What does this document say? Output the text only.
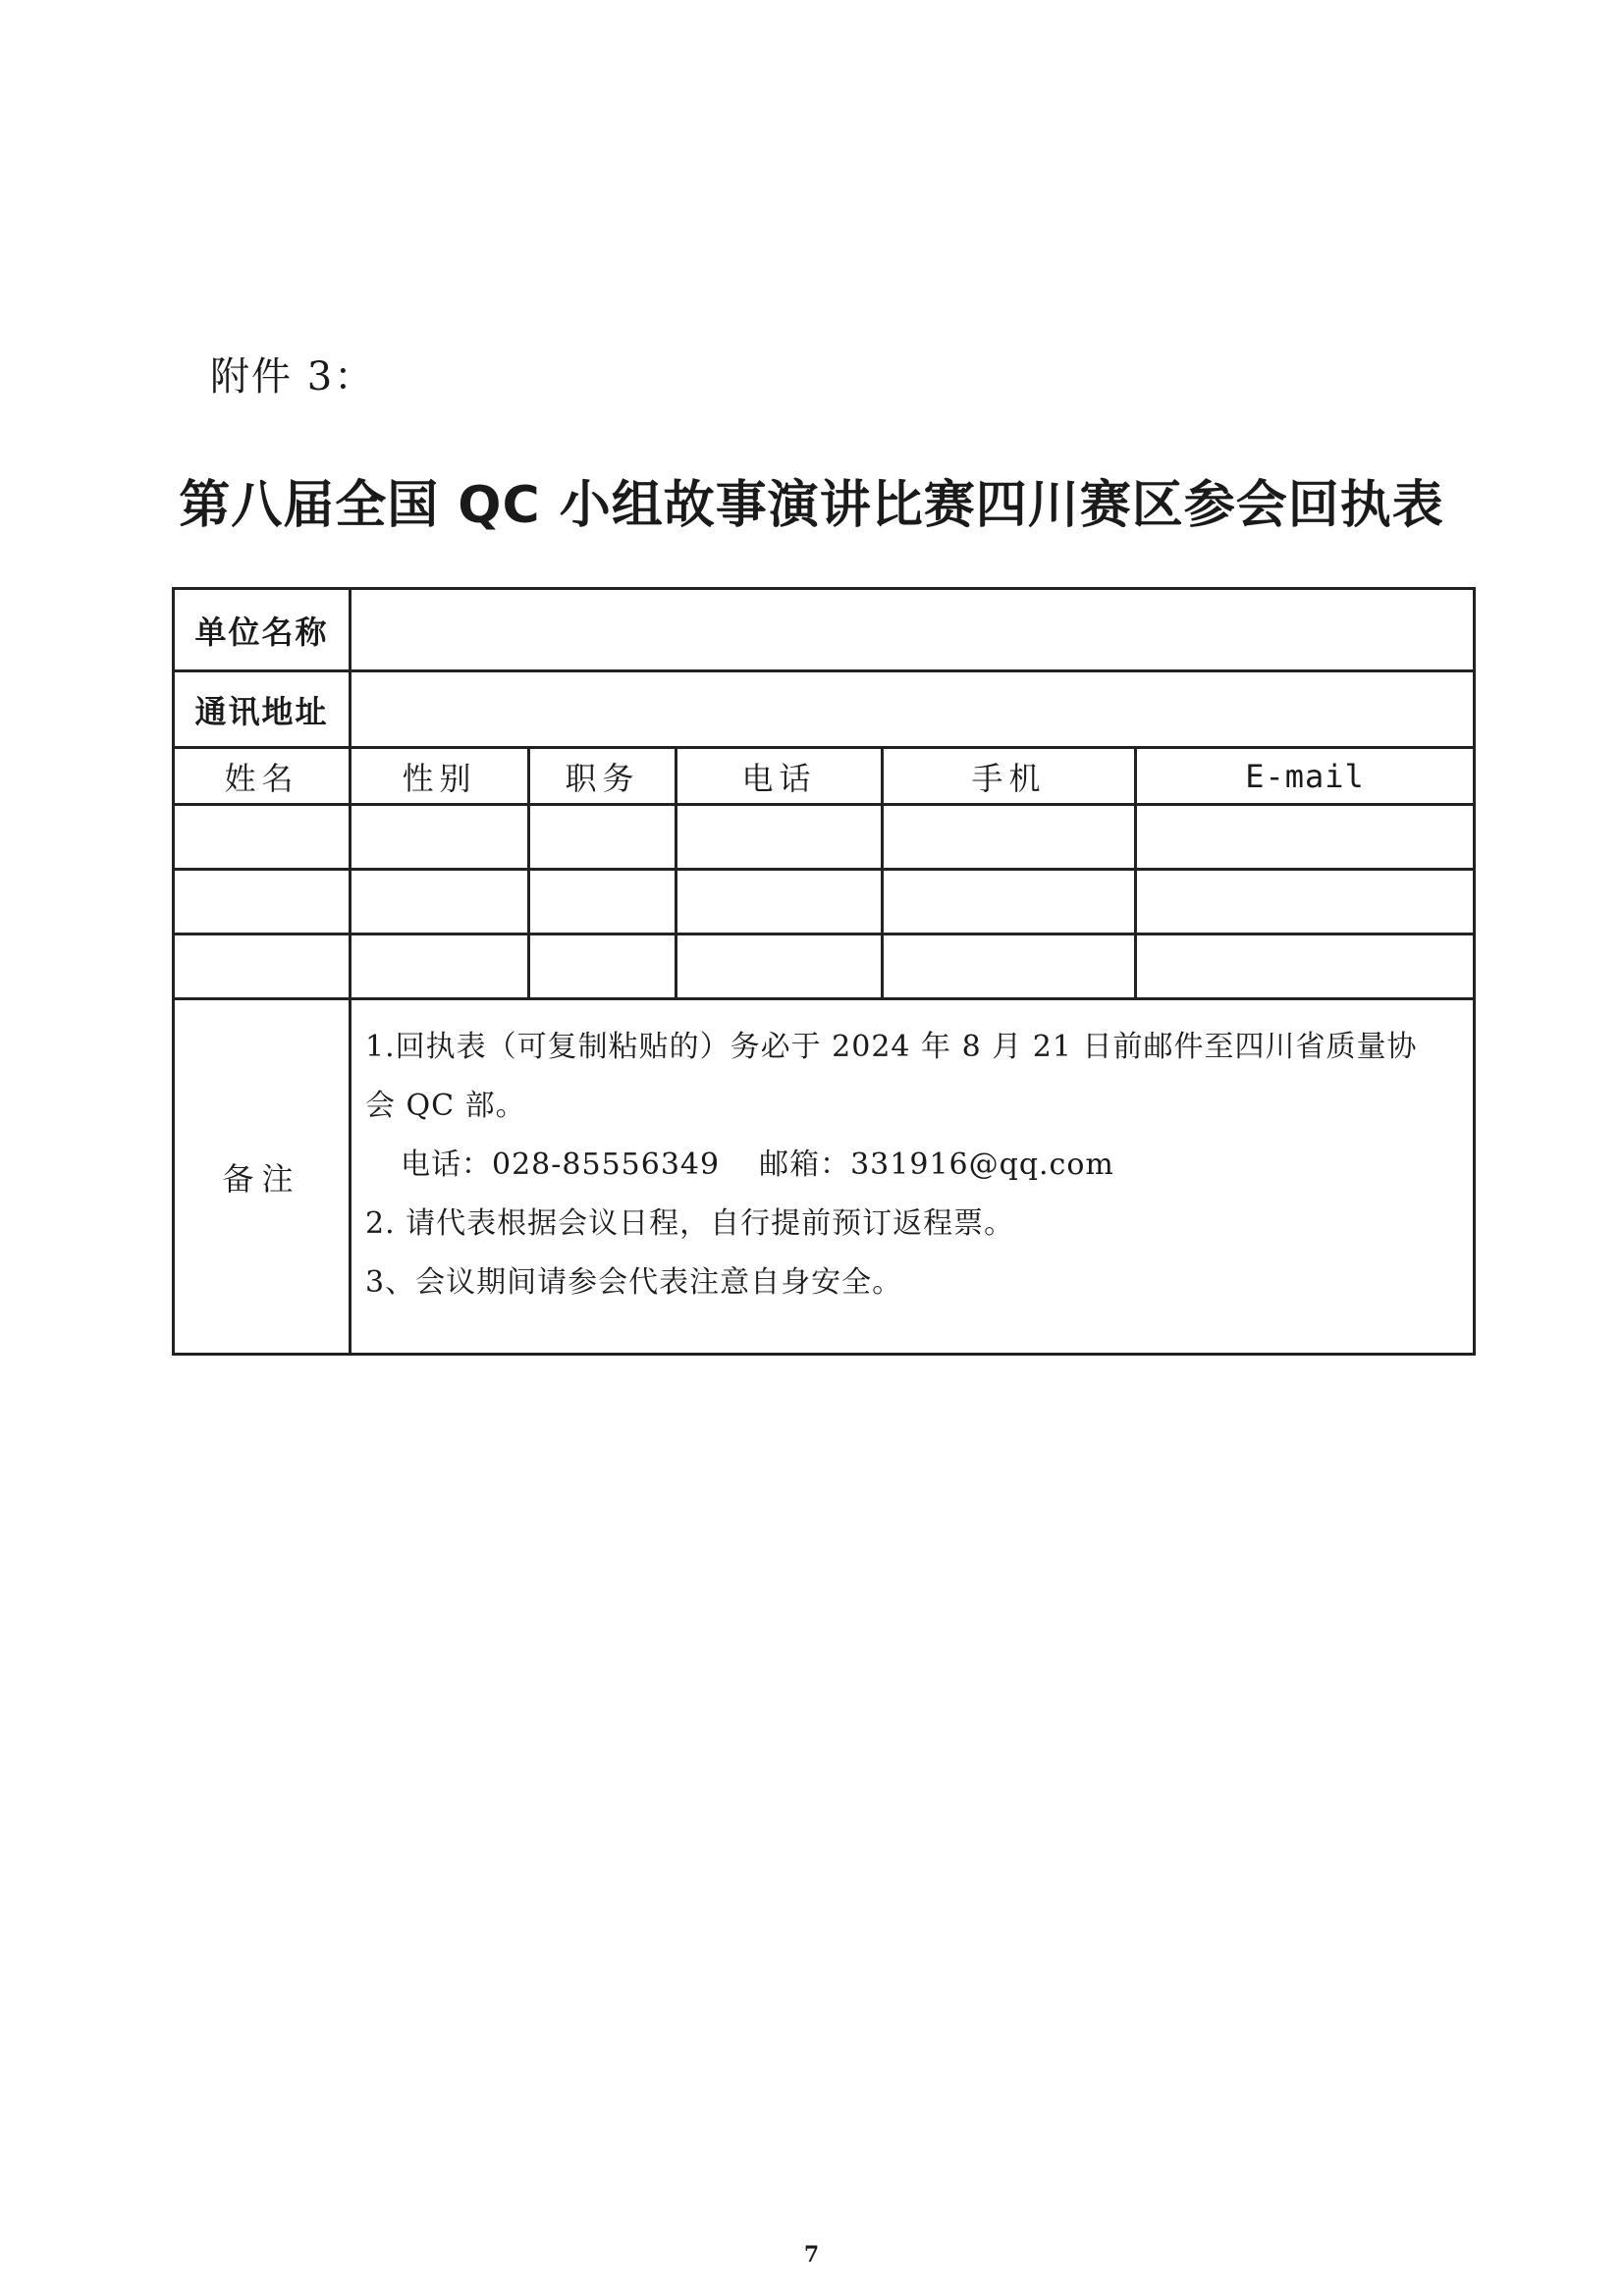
附件 3：
第八届全国 QC 小组故事演讲比赛四川赛区参会回执表
单位名称					
通讯地址					
姓名	性别	职务	电话	手机	E-mail

备注	1.回执表（可复制粘贴的）务必于 2024 年 8 月 21 日前邮件至四川省质量协
会 QC 部。
电话：028-85556349 邮箱：331916@qq.com
2. 请代表根据会议日程，自行提前预订返程票。
3、会议期间请参会代表注意自身安全。				
7
